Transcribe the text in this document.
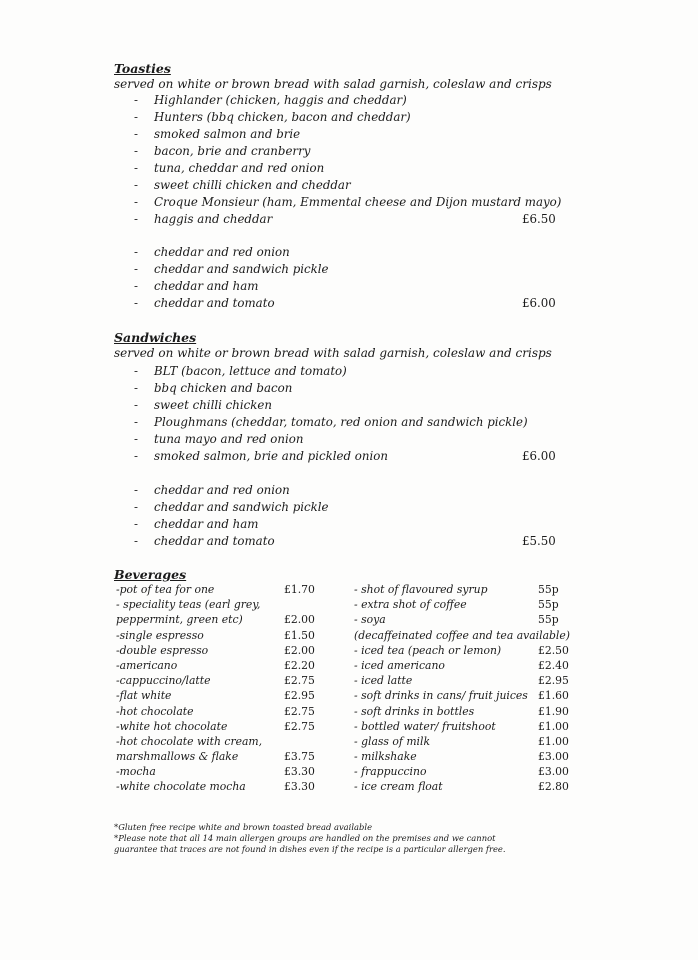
Toasties
served on white or brown bread with salad garnish, coleslaw and crisps
- Highlander (chicken, haggis and cheddar)
- Hunters (bbq chicken, bacon and cheddar)
- smoked salmon and brie
- bacon, brie and cranberry
- tuna, cheddar and red onion
- sweet chilli chicken and cheddar
- Croque Monsieur (ham, Emmental cheese and Dijon mustard mayo)
- haggis and cheddar	£6.50
- cheddar and red onion
- cheddar and sandwich pickle
- cheddar and ham
- cheddar and tomato	£6.00
Sandwiches
served on white or brown bread with salad garnish, coleslaw and crisps
- BLT (bacon, lettuce and tomato)
- bbq chicken and bacon
- sweet chilli chicken
- Ploughmans (cheddar, tomato, red onion and sandwich pickle)
- tuna mayo and red onion
- smoked salmon, brie and pickled onion	£6.00
- cheddar and red onion
- cheddar and sandwich pickle
- cheddar and ham
- cheddar and tomato	£5.50
Beverages
-pot of tea for one	£1.70
- speciality teas (earl grey,
peppermint, green etc)	£2.00
-single espresso	£1.50
-double espresso	£2.00
-americano	£2.20
-cappuccino/latte	£2.75
-flat white	£2.95
-hot chocolate	£2.75
-white hot chocolate	£2.75
-hot chocolate with cream,
marshmallows & flake	£3.75
-mocha	£3.30
-white chocolate mocha	£3.30
- shot of flavoured syrup	55p
- extra shot of coffee	55p
- soya	55p
(decaffeinated coffee and tea available)
- iced tea (peach or lemon)	£2.50
- iced americano	£2.40
- iced latte	£2.95
- soft drinks in cans/ fruit juices £1.60
- soft drinks in bottles	£1.90
- bottled water/ fruitshoot	£1.00
- glass of milk	£1.00
- milkshake	£3.00
- frappuccino	£3.00
- ice cream float	£2.80
*Gluten free recipe white and brown toasted bread available
*Please note that all 14 main allergen groups are handled on the premises and we cannot
guarantee that traces are not found in dishes even if the recipe is a particular allergen free.
